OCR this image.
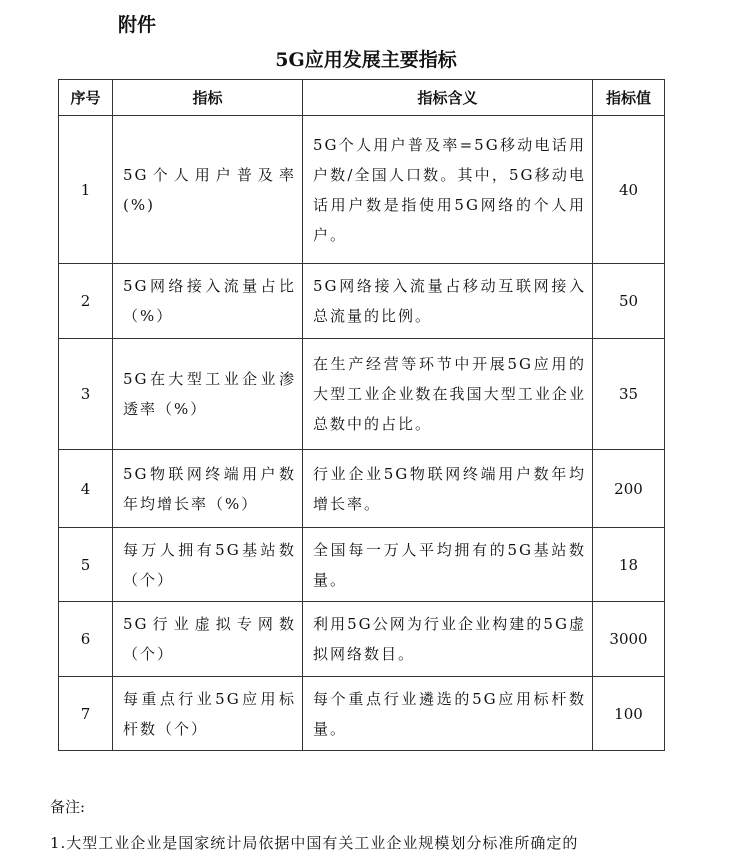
附件
5G应用发展主要指标
序号	指标	指标含义	指标值
1	5G个人用户普及率(%)	5G个人用户普及率=5G移动电话用户数/全国人口数。其中，5G移动电话用户数是指使用5G网络的个人用户。	40
2	5G网络接入流量占比（%）	5G网络接入流量占移动互联网接入总流量的比例。	50
3	5G在大型工业企业渗透率（%）	在生产经营等环节中开展5G应用的大型工业企业数在我国大型工业企业总数中的占比。	35
4	5G物联网终端用户数年均增长率（%）	行业企业5G物联网终端用户数年均增长率。	200
5	每万人拥有5G基站数（个）	全国每一万人平均拥有的5G基站数量。	18
6	5G行业虚拟专网数（个）	利用5G公网为行业企业构建的5G虚拟网络数目。	3000
7	每重点行业5G应用标杆数（个）	每个重点行业遴选的5G应用标杆数量。	100
备注:
1.大型工业企业是国家统计局依据中国有关工业企业规模划分标准所确定的
